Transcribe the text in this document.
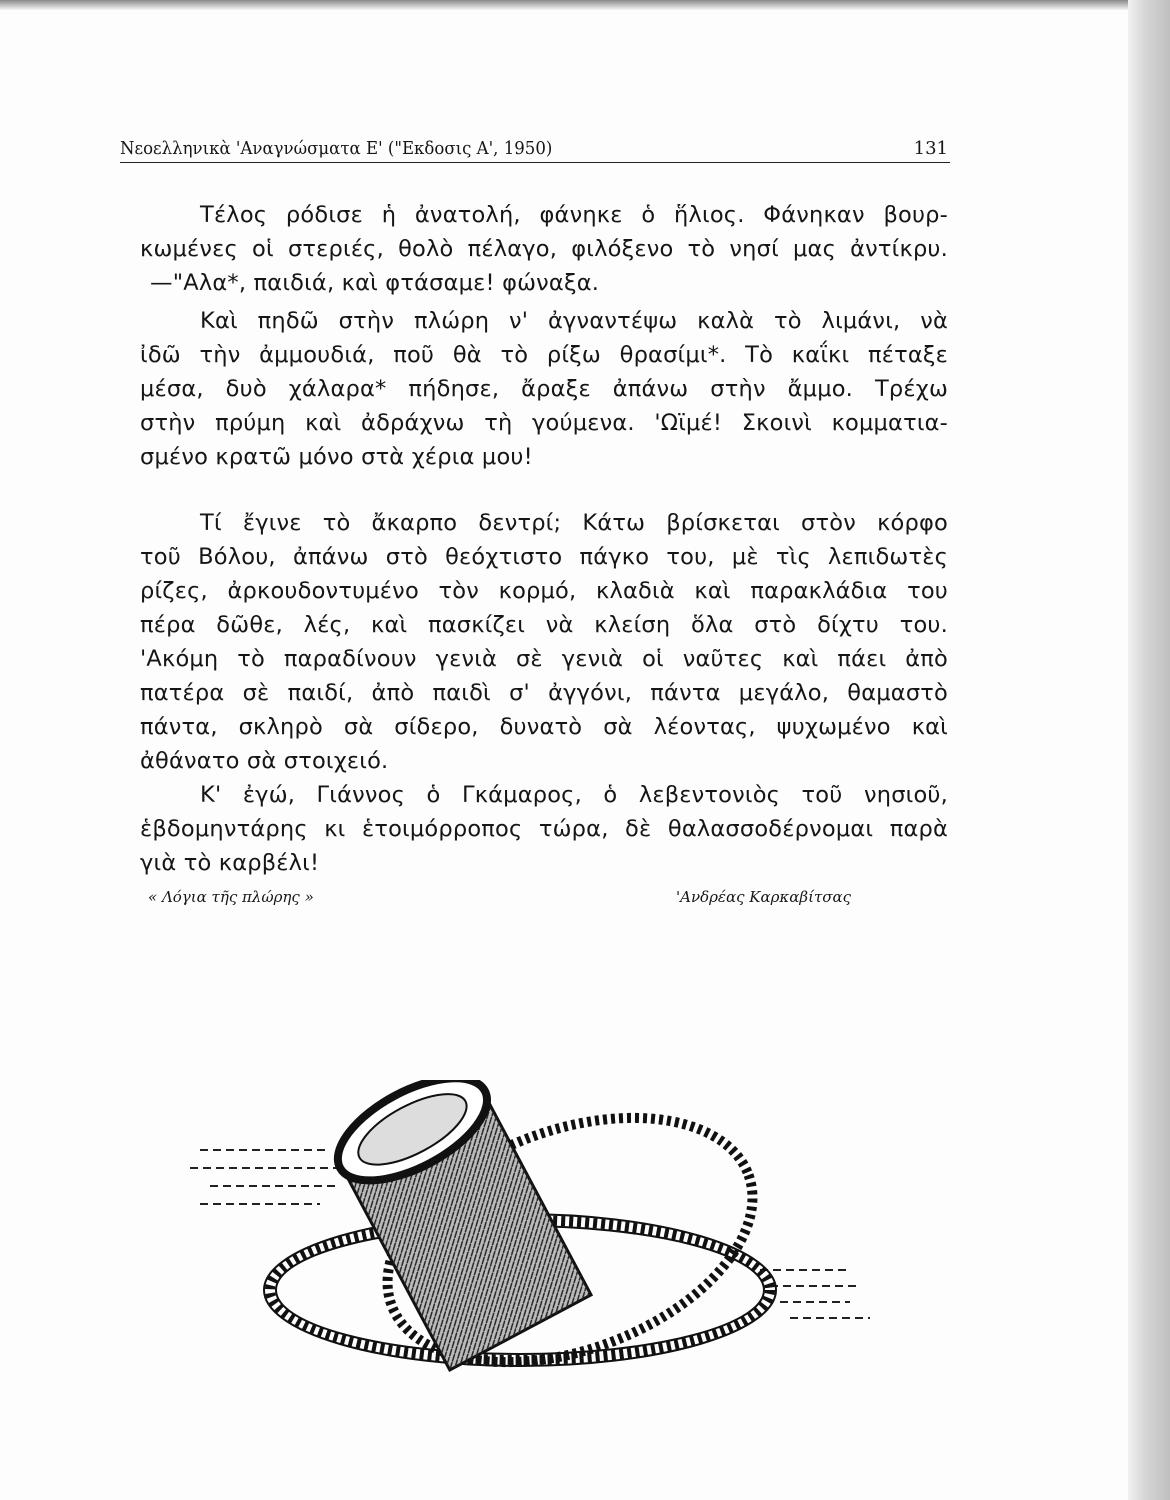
Νεοελληνικὰ 'Αναγνώσματα Ε' ("Εκδοσις Α', 1950)	131
Τέλος ρόδισε ἡ ἀνατολή, φάνηκε ὁ ἥλιος. Φάνηκαν βουρ-
κωμένες οἱ στεριές, θολὸ πέλαγο, φιλόξενο τὸ νησί μας ἀντίκρυ.
—"Αλα*, παιδιά, καὶ φτάσαμε! φώναξα.
Καὶ πηδῶ στὴν πλώρη ν' ἀγναντέψω καλὰ τὸ λιμάνι, νὰ
ἰδῶ τὴν ἀμμουδιά, ποῦ θὰ τὸ ρίξω θρασίμι*. Τὸ καΐκι πέταξε
μέσα, δυὸ χάλαρα* πήδησε, ἄραξε ἀπάνω στὴν ἄμμο. Τρέχω
στὴν πρύμη καὶ ἀδράχνω τὴ γούμενα. 'Ωϊμέ! Σκοινὶ κομματια-
σμένο κρατῶ μόνο στὰ χέρια μου!
Τί ἔγινε τὸ ἄκαρπο δεντρί; Κάτω βρίσκεται στὸν κόρφο
τοῦ Βόλου, ἀπάνω στὸ θεόχτιστο πάγκο του, μὲ τὶς λεπιδωτὲς
ρίζες, ἀρκουδοντυμένο τὸν κορμό, κλαδιὰ καὶ παρακλάδια του
πέρα δῶθε, λές, καὶ πασκίζει νὰ κλείση ὅλα στὸ δίχτυ του.
'Ακόμη τὸ παραδίνουν γενιὰ σὲ γενιὰ οἱ ναῦτες καὶ πάει ἀπὸ
πατέρα σὲ παιδί, ἀπὸ παιδὶ σ' ἀγγόνι, πάντα μεγάλο, θαμαστὸ
πάντα, σκληρὸ σὰ σίδερο, δυνατὸ σὰ λέοντας, ψυχωμένο καὶ
ἀθάνατο σὰ στοιχειό.
Κ' ἐγώ, Γιάννος ὁ Γκάμαρος, ὁ λεβεντονιὸς τοῦ νησιοῦ,
ἑβδομηντάρης κι ἑτοιμόρροπος τώρα, δὲ θαλασσοδέρνομαι παρὰ
γιὰ τὸ καρβέλι!
« Λόγια τῆς πλώρης »	'Ανδρέας Καρκαβίτσας
